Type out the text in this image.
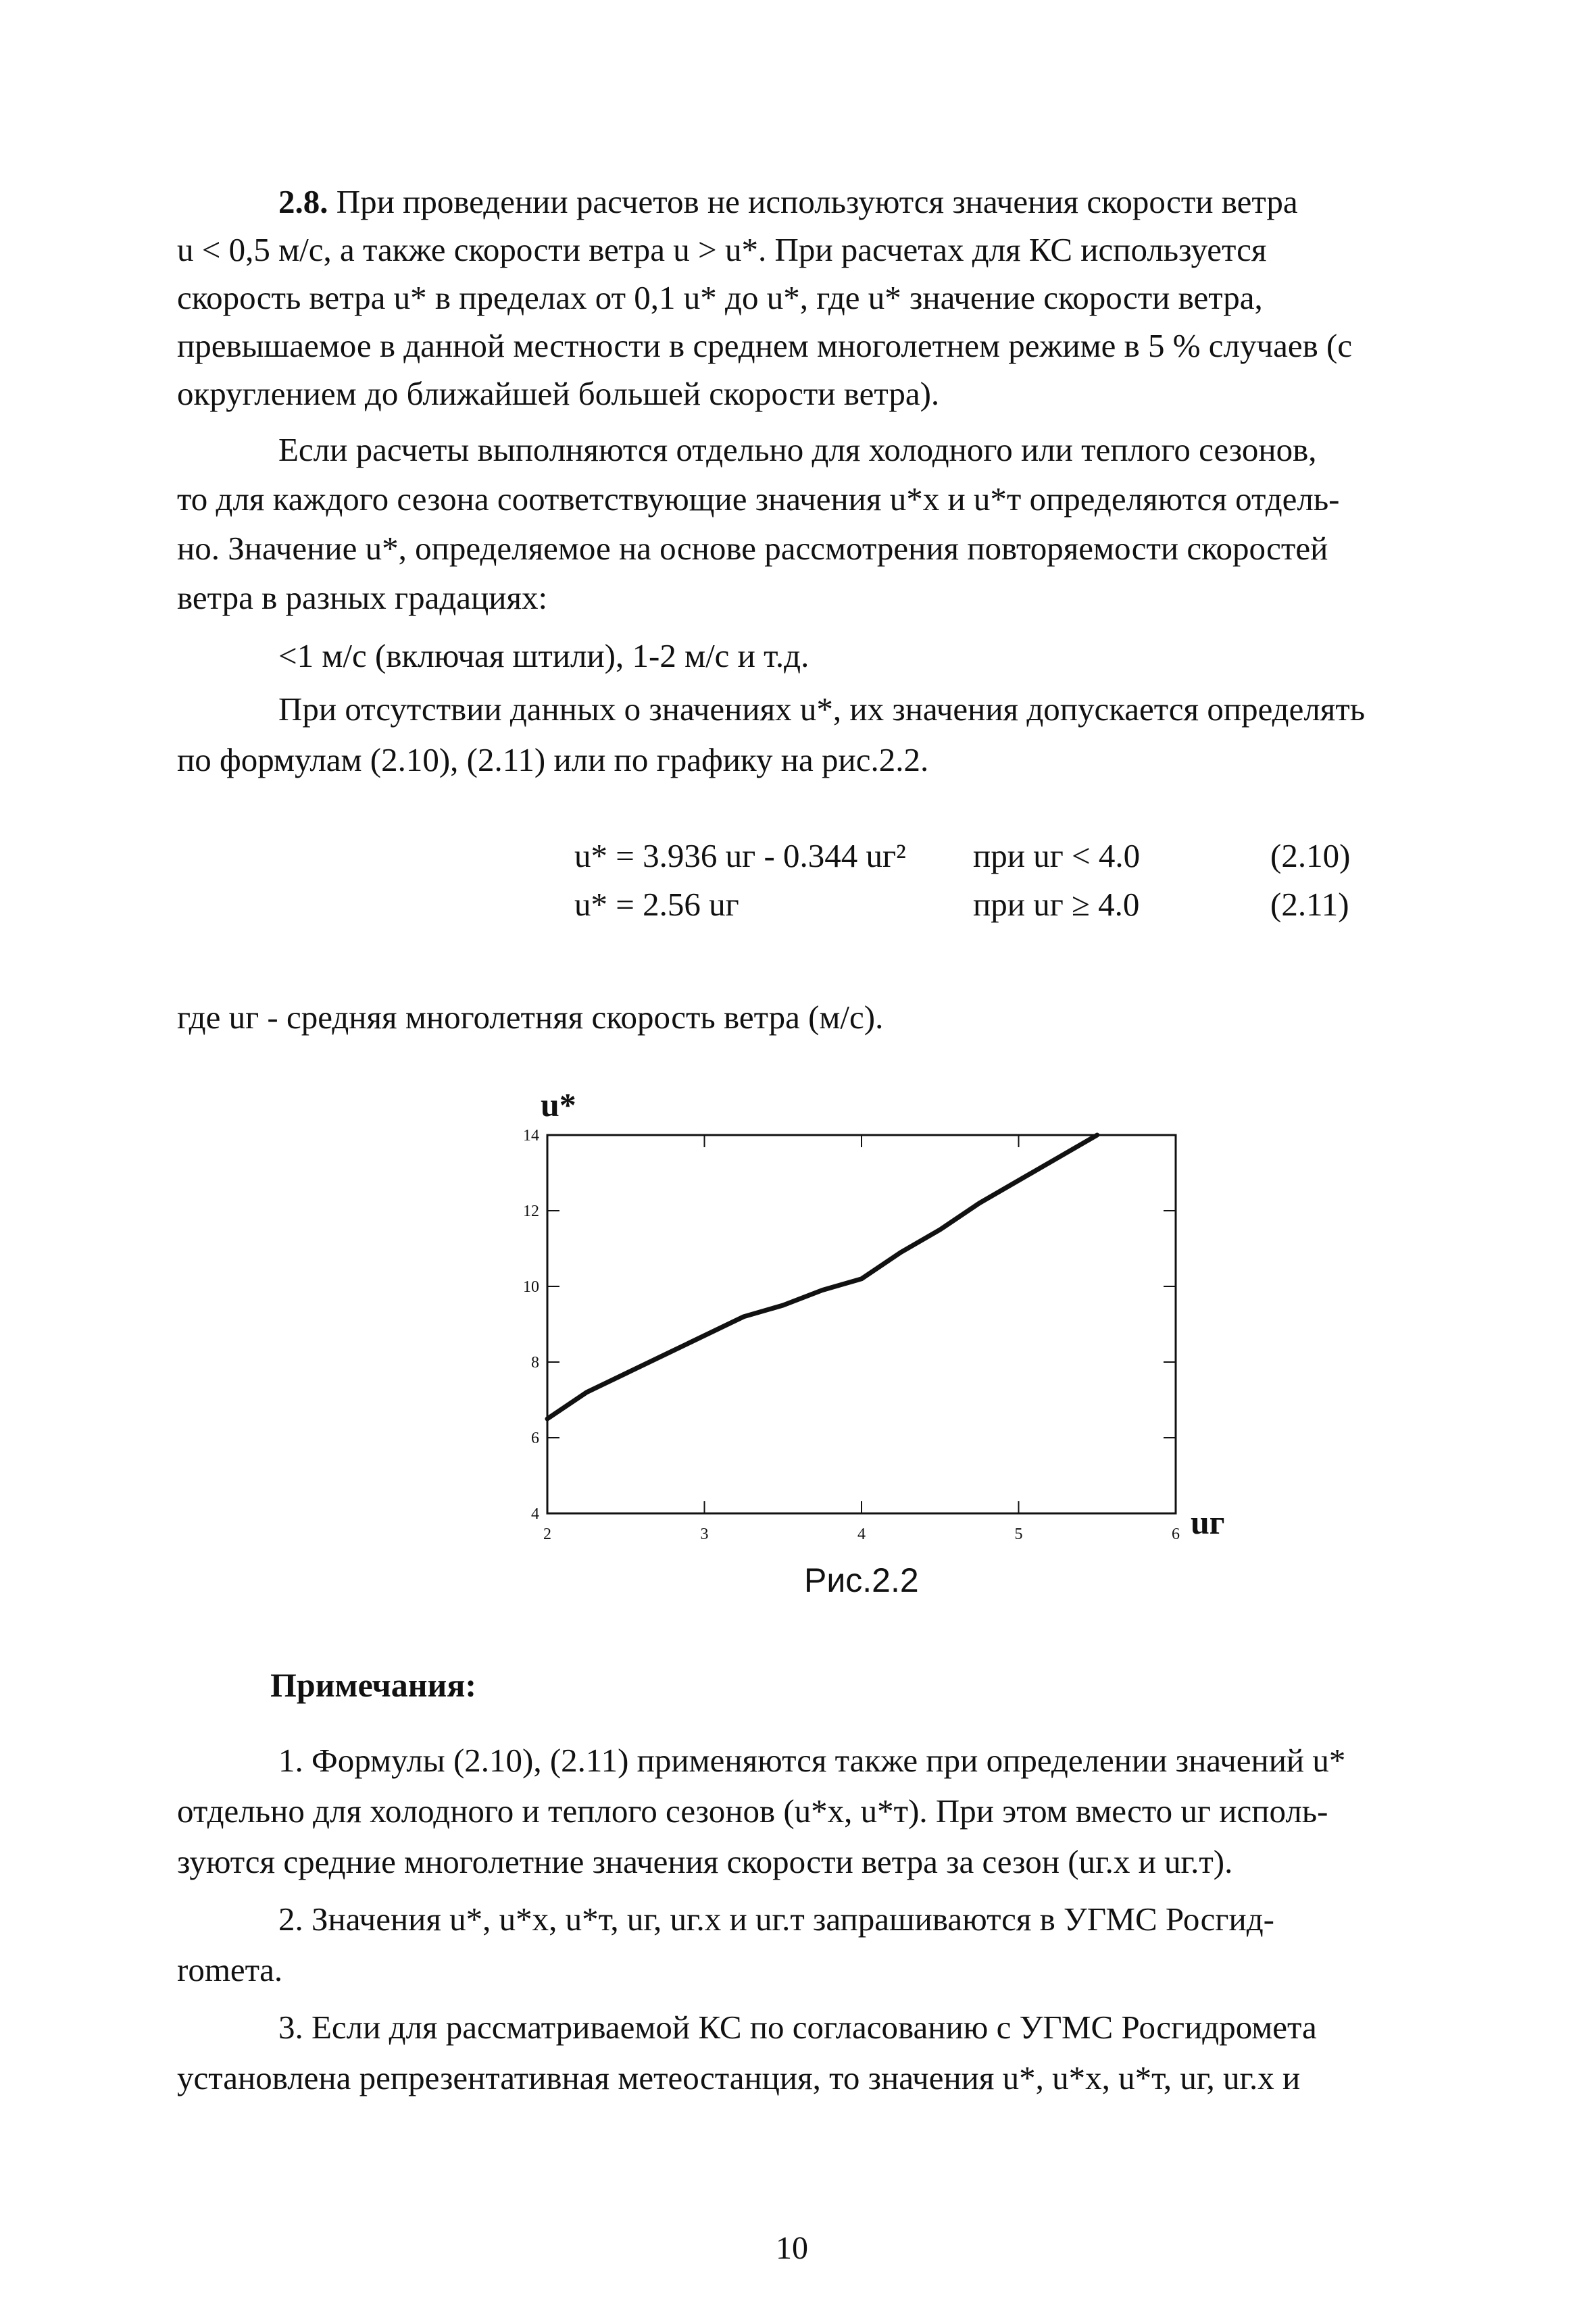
2.8. При проведении расчетов не используются значения скорости ветра
u < 0,5 м/с, а также скорости ветра u > u*. При расчетах для КС используется
скорость ветра u* в пределах от 0,1 u* до u*, где u* значение скорости ветра,
превышаемое в данной местности в среднем многолетнем режиме в 5 % случаев (с
округлением до ближайшей большей скорости ветра).
Если расчеты выполняются отдельно для холодного или теплого сезонов,
то для каждого сезона соответствующие значения u*х и u*т определяются отдель-
но. Значение u*, определяемое на основе рассмотрения повторяемости скоростей
ветра в разных градациях:
<1 м/с (включая штили), 1-2 м/с и т.д.
При отсутствии данных о значениях u*, их значения допускается определять
по формулам (2.10), (2.11) или по графику на рис.2.2.
u* = 3.936 uг - 0.344 uг² при uг < 4.0	(2.10)
u* = 2.56 uг	при uг ≥ 4.0	(2.11)
где uг - средняя многолетняя скорость ветра (м/с).
2	3	4	5	6
4
6
8
10
12
14
u*
uг
Рис.2.2
Примечания:
1. Формулы (2.10), (2.11) применяются также при определении значений u*
отдельно для холодного и теплого сезонов (u*х, u*т). При этом вместо uг исполь-
зуются средние многолетние значения скорости ветра за сезон (uг.х и uг.т).
2. Значения u*, u*х, u*т, uг, uг.х и uг.т запрашиваются в УГМС Росгид-
romeтa.
3. Если для рассматриваемой КС по согласованию с УГМС Росгидромета
установлена репрезентативная метеостанция, то значения u*, u*х, u*т, uг, uг.х и
10
